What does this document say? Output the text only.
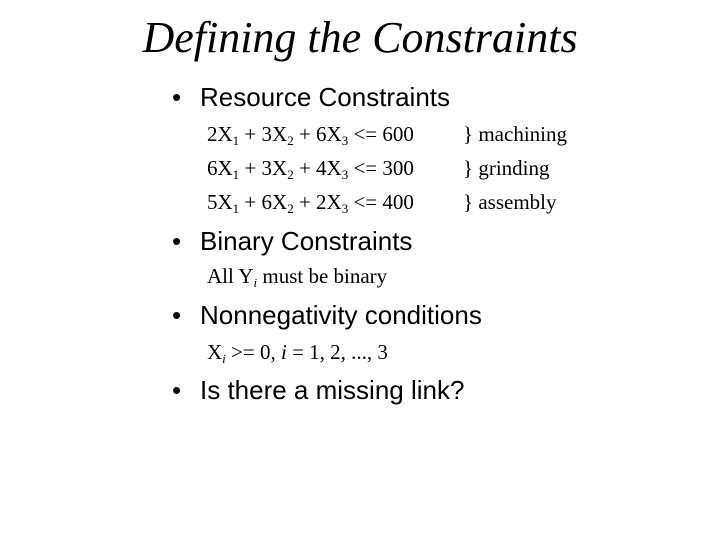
Defining the Constraints
• Resource Constraints
$2X_1 + 3X_2 + 6X_3 <= 600$ } machining
$6X_1 + 3X_2 + 4X_3 <= 300$ } grinding
$5X_1 + 6X_2 + 2X_3 <= 400$ } assembly
• Binary Constraints
All $Y_i$ must be binary
• Nonnegativity conditions
$X_i >= 0$, i = 1, 2, ..., 3
• Is there a missing link?
